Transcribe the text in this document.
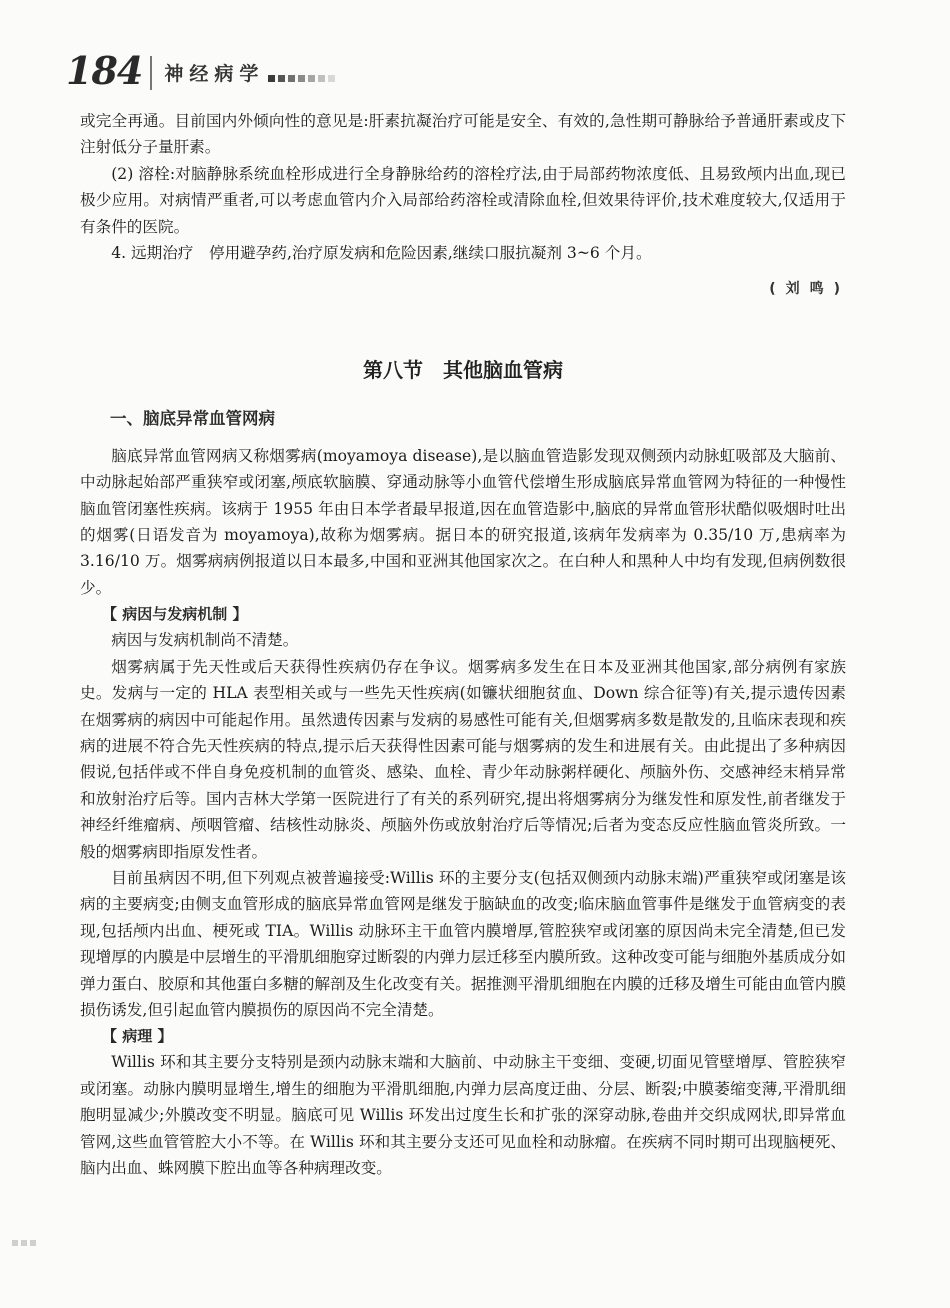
184 神经病学

或完全再通。目前国内外倾向性的意见是:肝素抗凝治疗可能是安全、有效的,急性期可静脉给予普通肝素或皮下注射低分子量肝素。

(2) 溶栓:对脑静脉系统血栓形成进行全身静脉给药的溶栓疗法,由于局部药物浓度低、且易致颅内出血,现已极少应用。对病情严重者,可以考虑血管内介入局部给药溶栓或清除血栓,但效果待评价,技术难度较大,仅适用于有条件的医院。

4. 远期治疗　停用避孕药,治疗原发病和危险因素,继续口服抗凝剂 3~6 个月。

(刘鸣)
第八节　其他脑血管病
一、脑底异常血管网病

脑底异常血管网病又称烟雾病(moyamoya disease),是以脑血管造影发现双侧颈内动脉虹吸部及大脑前、中动脉起始部严重狭窄或闭塞,颅底软脑膜、穿通动脉等小血管代偿增生形成脑底异常血管网为特征的一种慢性脑血管闭塞性疾病。该病于 1955 年由日本学者最早报道,因在血管造影中,脑底的异常血管形状酷似吸烟时吐出的烟雾(日语发音为 moyamoya),故称为烟雾病。据日本的研究报道,该病年发病率为 0.35/10 万,患病率为 3.16/10 万。烟雾病病例报道以日本最多,中国和亚洲其他国家次之。在白种人和黑种人中均有发现,但病例数很少。

【 病因与发病机制 】

病因与发病机制尚不清楚。

烟雾病属于先天性或后天获得性疾病仍存在争议。烟雾病多发生在日本及亚洲其他国家,部分病例有家族史。发病与一定的 HLA 表型相关或与一些先天性疾病(如镰状细胞贫血、Down 综合征等)有关,提示遗传因素在烟雾病的病因中可能起作用。虽然遗传因素与发病的易感性可能有关,但烟雾病多数是散发的,且临床表现和疾病的进展不符合先天性疾病的特点,提示后天获得性因素可能与烟雾病的发生和进展有关。由此提出了多种病因假说,包括伴或不伴自身免疫机制的血管炎、感染、血栓、青少年动脉粥样硬化、颅脑外伤、交感神经末梢异常和放射治疗后等。国内吉林大学第一医院进行了有关的系列研究,提出将烟雾病分为继发性和原发性,前者继发于神经纤维瘤病、颅咽管瘤、结核性动脉炎、颅脑外伤或放射治疗后等情况;后者为变态反应性脑血管炎所致。一般的烟雾病即指原发性者。

目前虽病因不明,但下列观点被普遍接受:Willis 环的主要分支(包括双侧颈内动脉末端)严重狭窄或闭塞是该病的主要病变;由侧支血管形成的脑底异常血管网是继发于脑缺血的改变;临床脑血管事件是继发于血管病变的表现,包括颅内出血、梗死或 TIA。Willis 动脉环主干血管内膜增厚,管腔狭窄或闭塞的原因尚未完全清楚,但已发现增厚的内膜是中层增生的平滑肌细胞穿过断裂的内弹力层迁移至内膜所致。这种改变可能与细胞外基质成分如弹力蛋白、胶原和其他蛋白多糖的解剖及生化改变有关。据推测平滑肌细胞在内膜的迁移及增生可能由血管内膜损伤诱发,但引起血管内膜损伤的原因尚不完全清楚。

【 病理 】

Willis 环和其主要分支特别是颈内动脉末端和大脑前、中动脉主干变细、变硬,切面见管壁增厚、管腔狭窄或闭塞。动脉内膜明显增生,增生的细胞为平滑肌细胞,内弹力层高度迂曲、分层、断裂;中膜萎缩变薄,平滑肌细胞明显减少;外膜改变不明显。脑底可见 Willis 环发出过度生长和扩张的深穿动脉,卷曲并交织成网状,即异常血管网,这些血管管腔大小不等。在 Willis 环和其主要分支还可见血栓和动脉瘤。在疾病不同时期可出现脑梗死、脑内出血、蛛网膜下腔出血等各种病理改变。
